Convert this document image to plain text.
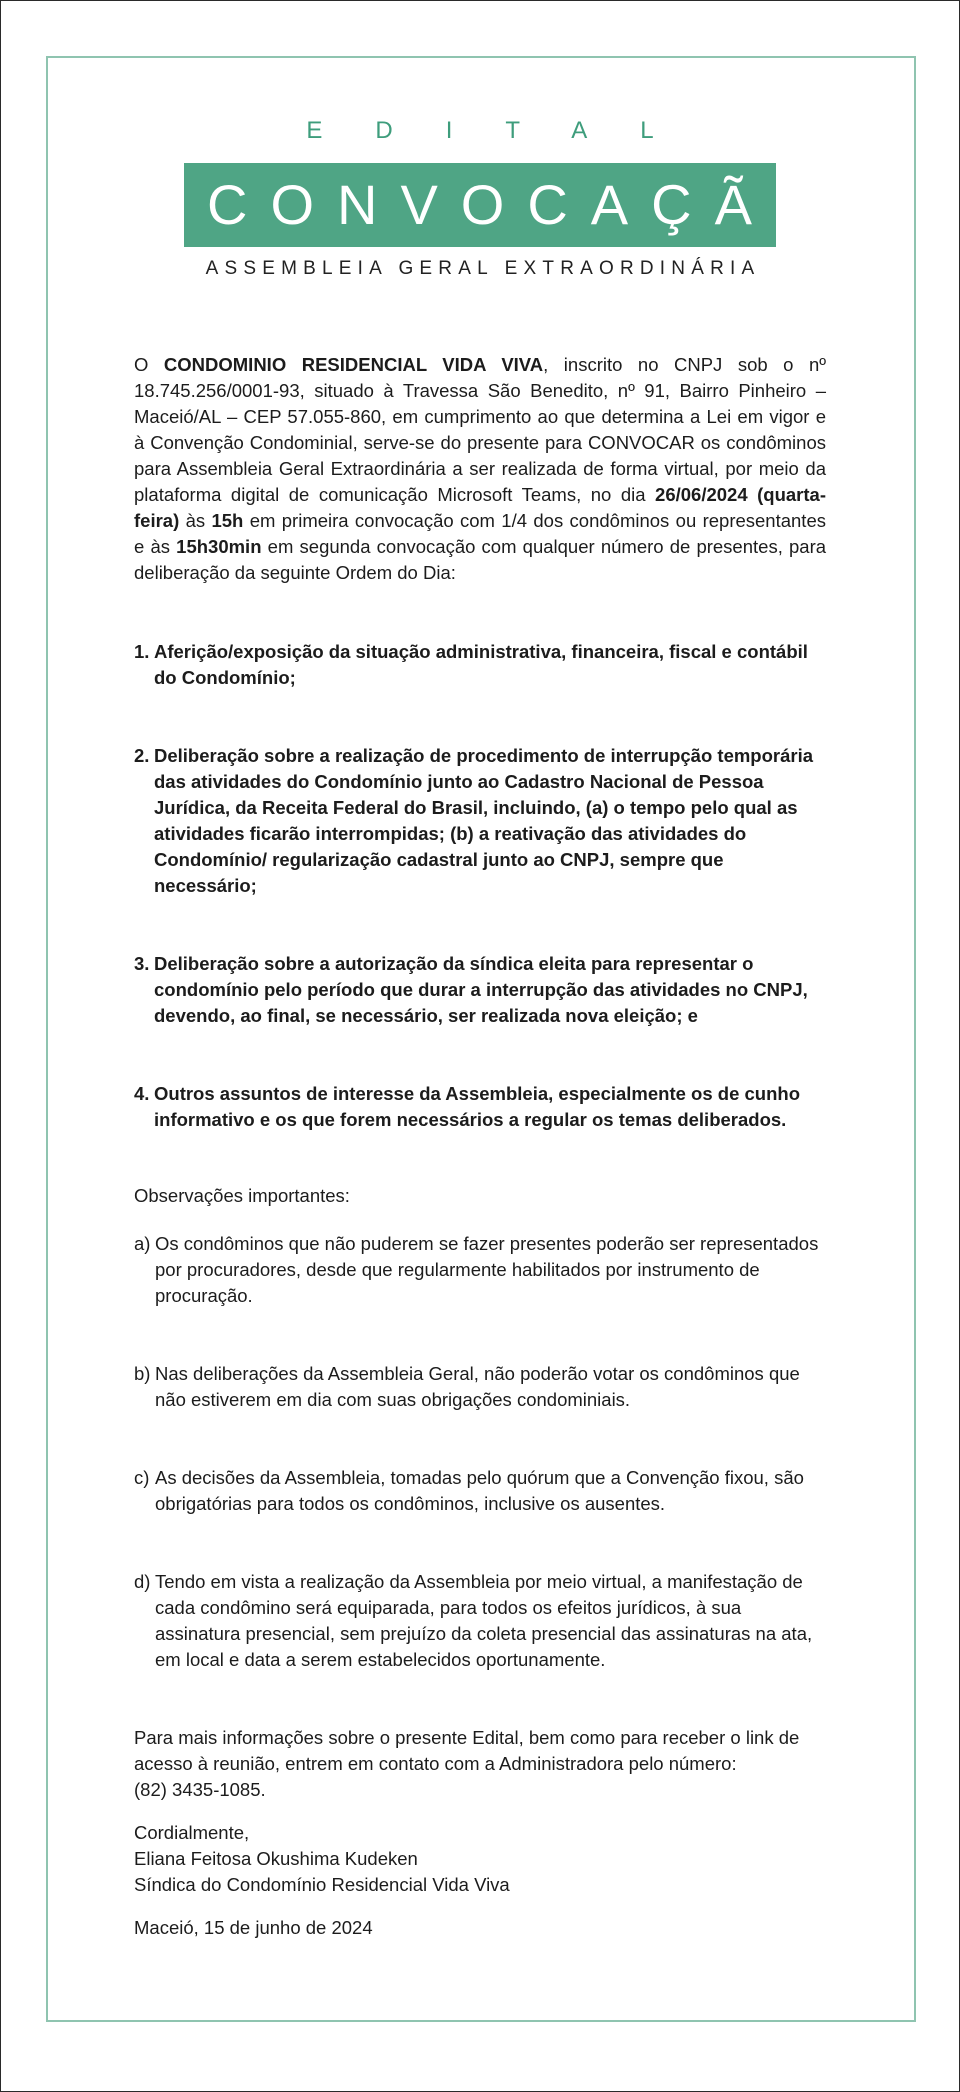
EDITAL
CONVOCAÇÃO
ASSEMBLEIA GERAL EXTRAORDINÁRIA

O CONDOMINIO RESIDENCIAL VIDA VIVA, inscrito no CNPJ sob o nº 18.745.256/0001-93, situado à Travessa São Benedito, nº 91, Bairro Pinheiro – Maceió/AL – CEP 57.055-860, em cumprimento ao que determina a Lei em vigor e à Convenção Condominial, serve-se do presente para CONVOCAR os condôminos para Assembleia Geral Extraordinária a ser realizada de forma virtual, por meio da plataforma digital de comunicação Microsoft Teams, no dia 26/06/2024 (quarta-feira) às 15h em primeira convocação com 1/4 dos condôminos ou representantes e às 15h30min em segunda convocação com qualquer número de presentes, para deliberação da seguinte Ordem do Dia:

1. Aferição/exposição da situação administrativa, financeira, fiscal e contábil do Condomínio;
2. Deliberação sobre a realização de procedimento de interrupção temporária das atividades do Condomínio junto ao Cadastro Nacional de Pessoa Jurídica, da Receita Federal do Brasil, incluindo, (a) o tempo pelo qual as atividades ficarão interrompidas; (b) a reativação das atividades do Condomínio/ regularização cadastral junto ao CNPJ, sempre que necessário;
3. Deliberação sobre a autorização da síndica eleita para representar o condomínio pelo período que durar a interrupção das atividades no CNPJ, devendo, ao final, se necessário, ser realizada nova eleição; e
4. Outros assuntos de interesse da Assembleia, especialmente os de cunho informativo e os que forem necessários a regular os temas deliberados.

Observações importantes:

a) Os condôminos que não puderem se fazer presentes poderão ser representados por procuradores, desde que regularmente habilitados por instrumento de procuração.
b) Nas deliberações da Assembleia Geral, não poderão votar os condôminos que não estiverem em dia com suas obrigações condominiais.
c) As decisões da Assembleia, tomadas pelo quórum que a Convenção fixou, são obrigatórias para todos os condôminos, inclusive os ausentes.
d) Tendo em vista a realização da Assembleia por meio virtual, a manifestação de cada condômino será equiparada, para todos os efeitos jurídicos, à sua assinatura presencial, sem prejuízo da coleta presencial das assinaturas na ata, em local e data a serem estabelecidos oportunamente.

Para mais informações sobre o presente Edital, bem como para receber o link de acesso à reunião, entrem em contato com a Administradora pelo número:
(82) 3435-1085.

Cordialmente,

Eliana Feitosa Okushima Kudeken

Síndica do Condomínio Residencial Vida Viva

Maceió, 15 de junho de 2024
